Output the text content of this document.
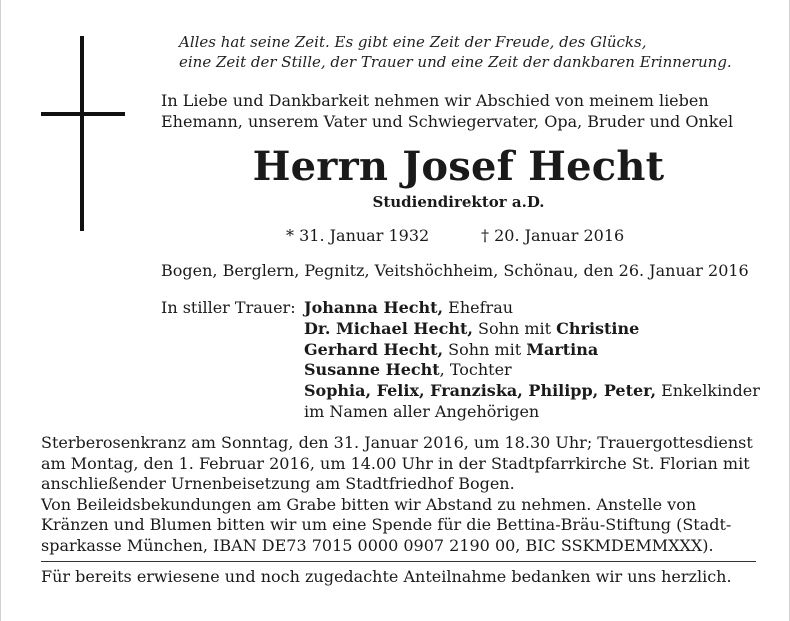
Alles hat seine Zeit. Es gibt eine Zeit der Freude, des Glücks,
eine Zeit der Stille, der Trauer und eine Zeit der dankbaren Erinnerung.
In Liebe und Dankbarkeit nehmen wir Abschied von meinem lieben
Ehemann, unserem Vater und Schwiegervater, Opa, Bruder und Onkel
Herrn Josef Hecht
Studiendirektor a.D.
* 31. Januar 1932	† 20. Januar 2016
Bogen, Berglern, Pegnitz, Veitshöchheim, Schönau, den 26. Januar 2016
In stiller Trauer: Johanna Hecht, Ehefrau
Dr. Michael Hecht, Sohn mit Christine
Gerhard Hecht, Sohn mit Martina
Susanne Hecht, Tochter
Sophia, Felix, Franziska, Philipp, Peter, Enkelkinder
im Namen aller Angehörigen
Sterberosenkranz am Sonntag, den 31. Januar 2016, um 18.30 Uhr; Trauergottesdienst
am Montag, den 1. Februar 2016, um 14.00 Uhr in der Stadtpfarrkirche St. Florian mit
anschließender Urnenbeisetzung am Stadtfriedhof Bogen.
Von Beileidsbekundungen am Grabe bitten wir Abstand zu nehmen. Anstelle von
Kränzen und Blumen bitten wir um eine Spende für die Bettina-Bräu-Stiftung (Stadt-
sparkasse München, IBAN DE73 7015 0000 0907 2190 00, BIC SSKMDEMMXXX).
Für bereits erwiesene und noch zugedachte Anteilnahme bedanken wir uns herzlich.
